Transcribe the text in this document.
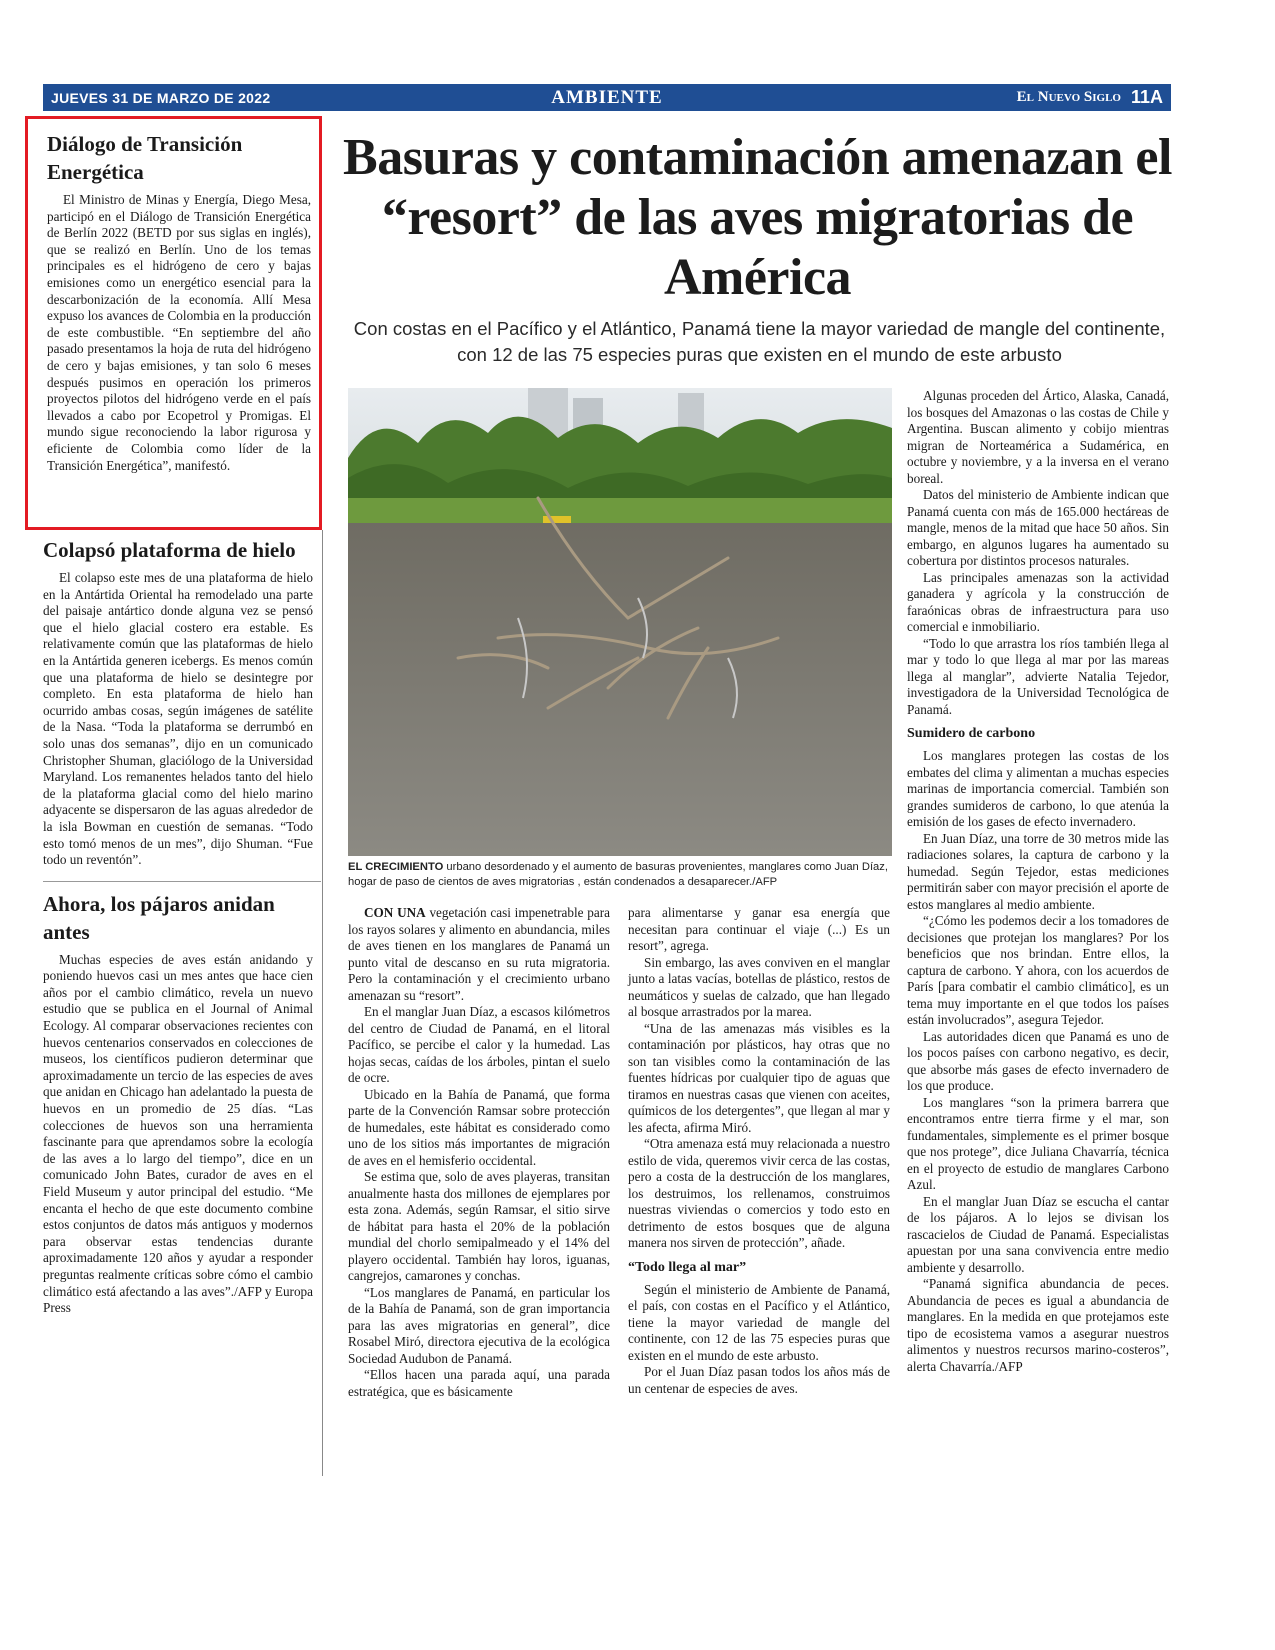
JUEVES 31 DE MARZO DE 2022	AMBIENTE	El Nuevo Siglo 11A
Diálogo de Transición Energética

El Ministro de Minas y Energía, Diego Mesa, participó en el Diálogo de Transición Energética de Berlín 2022 (BETD por sus siglas en inglés), que se realizó en Berlín. Uno de los temas principales es el hidrógeno de cero y bajas emisiones como un energético esencial para la descarbonización de la economía. Allí Mesa expuso los avances de Colombia en la producción de este combustible. “En septiembre del año pasado presentamos la hoja de ruta del hidrógeno de cero y bajas emisiones, y tan solo 6 meses después pusimos en operación los primeros proyectos pilotos del hidrógeno verde en el país llevados a cabo por Ecopetrol y Promigas. El mundo sigue reconociendo la labor rigurosa y eficiente de Colombia como líder de la Transición Energética”, manifestó.

Colapsó plataforma de hielo

El colapso este mes de una plataforma de hielo en la Antártida Oriental ha remodelado una parte del paisaje antártico donde alguna vez se pensó que el hielo glacial costero era estable. Es relativamente común que las plataformas de hielo en la Antártida generen icebergs. Es menos común que una plataforma de hielo se desintegre por completo. En esta plataforma de hielo han ocurrido ambas cosas, según imágenes de satélite de la Nasa. “Toda la plataforma se derrumbó en solo unas dos semanas”, dijo en un comunicado Christopher Shuman, glaciólogo de la Universidad Maryland. Los remanentes helados tanto del hielo de la plataforma glacial como del hielo marino adyacente se dispersaron de las aguas alrededor de la isla Bowman en cuestión de semanas. “Todo esto tomó menos de un mes”, dijo Shuman. “Fue todo un reventón”.

Ahora, los pájaros anidan antes

Muchas especies de aves están anidando y poniendo huevos casi un mes antes que hace cien años por el cambio climático, revela un nuevo estudio que se publica en el Journal of Animal Ecology. Al comparar observaciones recientes con huevos centenarios conservados en colecciones de museos, los científicos pudieron determinar que aproximadamente un tercio de las especies de aves que anidan en Chicago han adelantado la puesta de huevos en un promedio de 25 días. “Las colecciones de huevos son una herramienta fascinante para que aprendamos sobre la ecología de las aves a lo largo del tiempo”, dice en un comunicado John Bates, curador de aves en el Field Museum y autor principal del estudio. “Me encanta el hecho de que este documento combine estos conjuntos de datos más antiguos y modernos para observar estas tendencias durante aproximadamente 120 años y ayudar a responder preguntas realmente críticas sobre cómo el cambio climático está afectando a las aves”./AFP y Europa Press

Basuras y contaminación amenazan el “resort” de las aves migratorias de América

Con costas en el Pacífico y el Atlántico, Panamá tiene la mayor variedad de mangle del continente, con 12 de las 75 especies puras que existen en el mundo de este arbusto

EL CRECIMIENTO urbano desordenado y el aumento de basuras provenientes, manglares como Juan Díaz, hogar de paso de cientos de aves migratorias , están condenados a desaparecer./AFP

CON UNA vegetación casi impenetrable para los rayos solares y alimento en abundancia, miles de aves tienen en los manglares de Panamá un punto vital de descanso en su ruta migratoria. Pero la contaminación y el crecimiento urbano amenazan su “resort”.

En el manglar Juan Díaz, a escasos kilómetros del centro de Ciudad de Panamá, en el litoral Pacífico, se percibe el calor y la humedad. Las hojas secas, caídas de los árboles, pintan el suelo de ocre.

Ubicado en la Bahía de Panamá, que forma parte de la Convención Ramsar sobre protección de humedales, este hábitat es considerado como uno de los sitios más importantes de migración de aves en el hemisferio occidental.

Se estima que, solo de aves playeras, transitan anualmente hasta dos millones de ejemplares por esta zona. Además, según Ramsar, el sitio sirve de hábitat para hasta el 20% de la población mundial del chorlo semipalmeado y el 14% del playero occidental. También hay loros, iguanas, cangrejos, camarones y conchas.

“Los manglares de Panamá, en particular los de la Bahía de Panamá, son de gran importancia para las aves migratorias en general”, dice Rosabel Miró, directora ejecutiva de la ecológica Sociedad Audubon de Panamá.

“Ellos hacen una parada aquí, una parada estratégica, que es básicamente

para alimentarse y ganar esa energía que necesitan para continuar el viaje (...) Es un resort”, agrega.

Sin embargo, las aves conviven en el manglar junto a latas vacías, botellas de plástico, restos de neumáticos y suelas de calzado, que han llegado al bosque arrastrados por la marea.

“Una de las amenazas más visibles es la contaminación por plásticos, hay otras que no son tan visibles como la contaminación de las fuentes hídricas por cualquier tipo de aguas que tiramos en nuestras casas que vienen con aceites, químicos de los detergentes”, que llegan al mar y les afecta, afirma Miró.

“Otra amenaza está muy relacionada a nuestro estilo de vida, queremos vivir cerca de las costas, pero a costa de la destrucción de los manglares, los destruimos, los rellenamos, construimos nuestras viviendas o comercios y todo esto en detrimento de estos bosques que de alguna manera nos sirven de protección”, añade.

“Todo llega al mar”

Según el ministerio de Ambiente de Panamá, el país, con costas en el Pacífico y el Atlántico, tiene la mayor variedad de mangle del continente, con 12 de las 75 especies puras que existen en el mundo de este arbusto.

Por el Juan Díaz pasan todos los años más de un centenar de especies de aves.

Algunas proceden del Ártico, Alaska, Canadá, los bosques del Amazonas o las costas de Chile y Argentina. Buscan alimento y cobijo mientras migran de Norteamérica a Sudamérica, en octubre y noviembre, y a la inversa en el verano boreal.

Datos del ministerio de Ambiente indican que Panamá cuenta con más de 165.000 hectáreas de mangle, menos de la mitad que hace 50 años. Sin embargo, en algunos lugares ha aumentado su cobertura por distintos procesos naturales.

Las principales amenazas son la actividad ganadera y agrícola y la construcción de faraónicas obras de infraestructura para uso comercial e inmobiliario.

“Todo lo que arrastra los ríos también llega al mar y todo lo que llega al mar por las mareas llega al manglar”, advierte Natalia Tejedor, investigadora de la Universidad Tecnológica de Panamá.

Sumidero de carbono

Los manglares protegen las costas de los embates del clima y alimentan a muchas especies marinas de importancia comercial. También son grandes sumideros de carbono, lo que atenúa la emisión de los gases de efecto invernadero.

En Juan Díaz, una torre de 30 metros mide las radiaciones solares, la captura de carbono y la humedad. Según Tejedor, estas mediciones permitirán saber con mayor precisión el aporte de estos manglares al medio ambiente.

“¿Cómo les podemos decir a los tomadores de decisiones que protejan los manglares? Por los beneficios que nos brindan. Entre ellos, la captura de carbono. Y ahora, con los acuerdos de París [para combatir el cambio climático], es un tema muy importante en el que todos los países están involucrados”, asegura Tejedor.

Las autoridades dicen que Panamá es uno de los pocos países con carbono negativo, es decir, que absorbe más gases de efecto invernadero de los que produce.

Los manglares “son la primera barrera que encontramos entre tierra firme y el mar, son fundamentales, simplemente es el primer bosque que nos protege”, dice Juliana Chavarría, técnica en el proyecto de estudio de manglares Carbono Azul.

En el manglar Juan Díaz se escucha el cantar de los pájaros. A lo lejos se divisan los rascacielos de Ciudad de Panamá. Especialistas apuestan por una sana convivencia entre medio ambiente y desarrollo.

“Panamá significa abundancia de peces. Abundancia de peces es igual a abundancia de manglares. En la medida en que protejamos este tipo de ecosistema vamos a asegurar nuestros alimentos y nuestros recursos marino-costeros”, alerta Chavarría./AFP
